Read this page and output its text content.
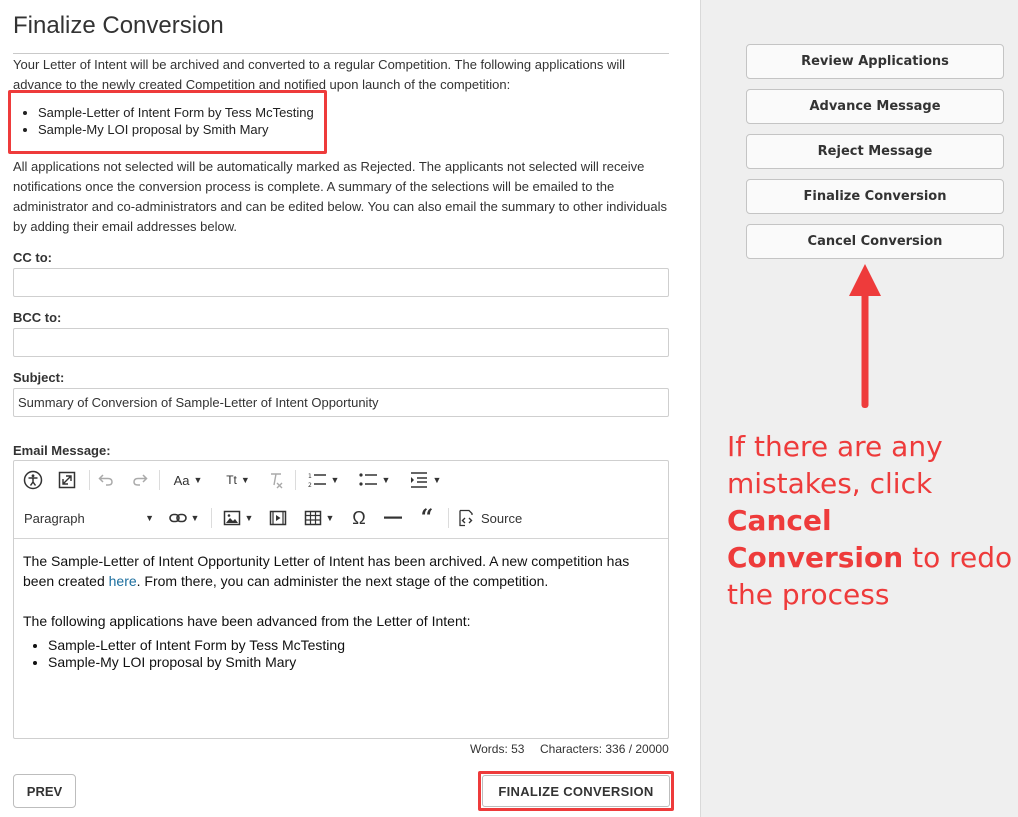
Finalize Conversion

Your Letter of Intent will be archived and converted to a regular Competition. The following applications will advance to the newly created Competition and notified upon launch of the competition:

• Sample-Letter of Intent Form by Tess McTesting
• Sample-My LOI proposal by Smith Mary

All applications not selected will be automatically marked as Rejected. The applicants not selected will receive notifications once the conversion process is complete. A summary of the selections will be emailed to the administrator and co-administrators and can be edited below. You can also email the summary to other individuals by adding their email addresses below.

CC to:
BCC to:
Subject:
Summary of Conversion of Sample-Letter of Intent Opportunity
Email Message:
Aa ▼ Tt ▼	1
2
▼	▼	▼
Paragraph	▼	▼	▼	▼ Ω “	Source

The Sample-Letter of Intent Opportunity Letter of Intent has been archived. A new competition has been created here. From there, you can administer the next stage of the competition.

The following applications have been advanced from the Letter of Intent:

• Sample-Letter of Intent Form by Tess McTesting
• Sample-My LOI proposal by Smith Mary
Words: 53 Characters: 336 / 20000
PREV	FINALIZE CONVERSION
Review Applications
Advance Message
Reject Message
Finalize Conversion
Cancel Conversion
If there are any mistakes, click Cancel Conversion to redo the process
